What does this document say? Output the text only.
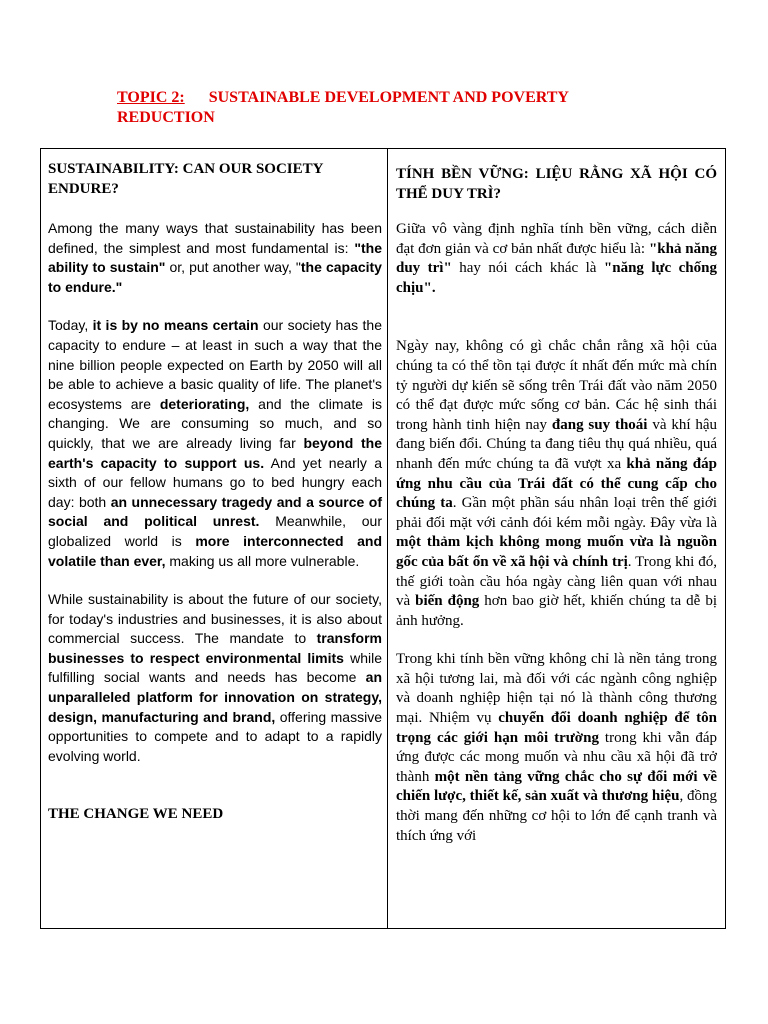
TOPIC 2: SUSTAINABLE DEVELOPMENT AND POVERTY REDUCTION

SUSTAINABILITY: CAN OUR SOCIETY ENDURE?

Among the many ways that sustainability has been defined, the simplest and most fundamental is: "the ability to sustain" or, put another way, "the capacity to endure."

Today, it is by no means certain our society has the capacity to endure – at least in such a way that the nine billion people expected on Earth by 2050 will all be able to achieve a basic quality of life. The planet's ecosystems are deteriorating, and the climate is changing. We are consuming so much, and so quickly, that we are already living far beyond the earth's capacity to support us. And yet nearly a sixth of our fellow humans go to bed hungry each day: both an unnecessary tragedy and a source of social and political unrest. Meanwhile, our globalized world is more interconnected and volatile than ever, making us all more vulnerable.

While sustainability is about the future of our society, for today's industries and businesses, it is also about commercial success. The mandate to transform businesses to respect environmental limits while fulfilling social wants and needs has become an unparalleled platform for innovation on strategy, design, manufacturing and brand, offering massive opportunities to compete and to adapt to a rapidly evolving world.

THE CHANGE WE NEED

TÍNH BỀN VỮNG: LIỆU RẰNG XÃ HỘI CÓ THỂ DUY TRÌ?

Giữa vô vàng định nghĩa tính bền vững, cách diễn đạt đơn giản và cơ bản nhất được hiểu là: "khả năng duy trì" hay nói cách khác là "năng lực chống chịu".

Ngày nay, không có gì chắc chắn rằng xã hội của chúng ta có thể tồn tại được ít nhất đến mức mà chín tỷ người dự kiến sẽ sống trên Trái đất vào năm 2050 có thể đạt được mức sống cơ bản. Các hệ sinh thái trong hành tinh hiện nay đang suy thoái và khí hậu đang biến đổi. Chúng ta đang tiêu thụ quá nhiều, quá nhanh đến mức chúng ta đã vượt xa khả năng đáp ứng nhu cầu của Trái đất có thể cung cấp cho chúng ta. Gần một phần sáu nhân loại trên thế giới phải đối mặt với cảnh đói kém mỗi ngày. Đây vừa là một thảm kịch không mong muốn vừa là nguồn gốc của bất ổn về xã hội và chính trị. Trong khi đó, thế giới toàn cầu hóa ngày càng liên quan với nhau và biến động hơn bao giờ hết, khiến chúng ta dễ bị ảnh hưởng.

Trong khi tính bền vững không chỉ là nền tảng trong xã hội tương lai, mà đối với các ngành công nghiệp và doanh nghiệp hiện tại nó là thành công thương mại. Nhiệm vụ chuyển đổi doanh nghiệp để tôn trọng các giới hạn môi trường trong khi vẫn đáp ứng được các mong muốn và nhu cầu xã hội đã trở thành một nền tảng vững chắc cho sự đổi mới về chiến lược, thiết kế, sản xuất và thương hiệu, đồng thời mang đến những cơ hội to lớn để cạnh tranh và thích ứng với
